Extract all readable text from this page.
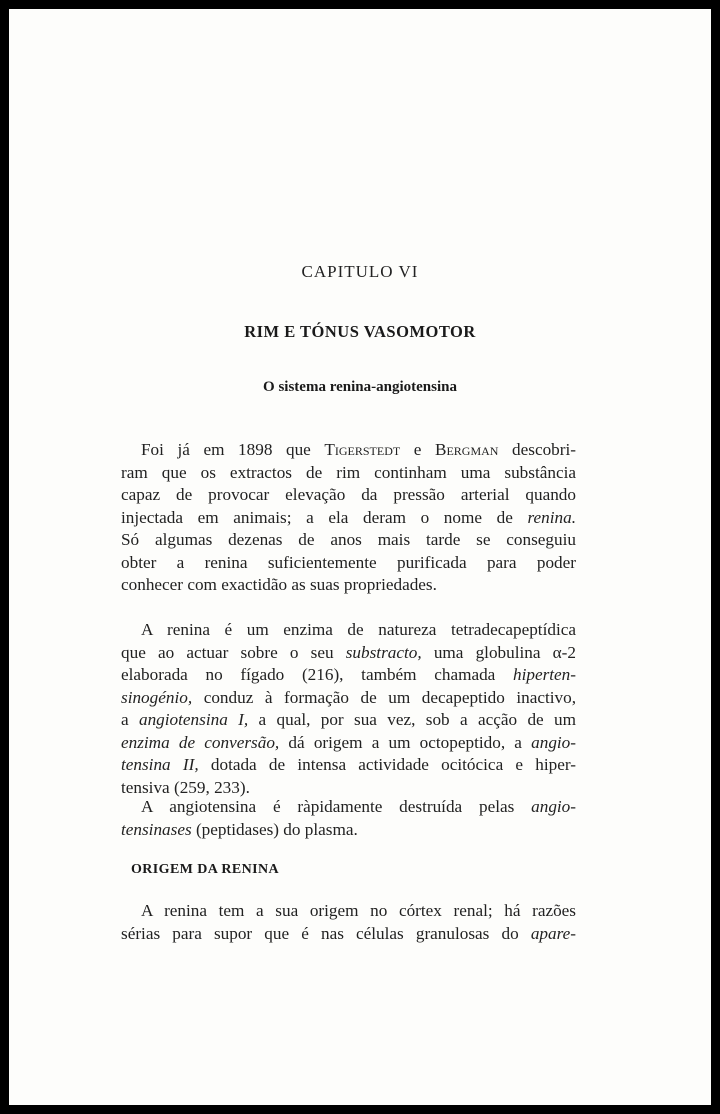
CAPITULO VI
RIM E TÓNUS VASOMOTOR
O sistema renina-angiotensina
Foi já em 1898 que Tigerstedt e Bergman descobri-
ram que os extractos de rim continham uma substância
capaz de provocar elevação da pressão arterial quando
injectada em animais; a ela deram o nome de renina.
Só algumas dezenas de anos mais tarde se conseguiu
obter a renina suficientemente purificada para poder
conhecer com exactidão as suas propriedades.
A renina é um enzima de natureza tetradecapeptídica
que ao actuar sobre o seu substracto, uma globulina α-2
elaborada no fígado (216), também chamada hiperten-
sinogénio, conduz à formação de um decapeptido inactivo,
a angiotensina I, a qual, por sua vez, sob a acção de um
enzima de conversão, dá origem a um octopeptido, a angio-
tensina II, dotada de intensa actividade ocitócica e hiper-
tensiva (259, 233).
A angiotensina é ràpidamente destruída pelas angio-
tensinases (peptidases) do plasma.
ORIGEM DA RENINA
A renina tem a sua origem no córtex renal; há razões
sérias para supor que é nas células granulosas do apare-
